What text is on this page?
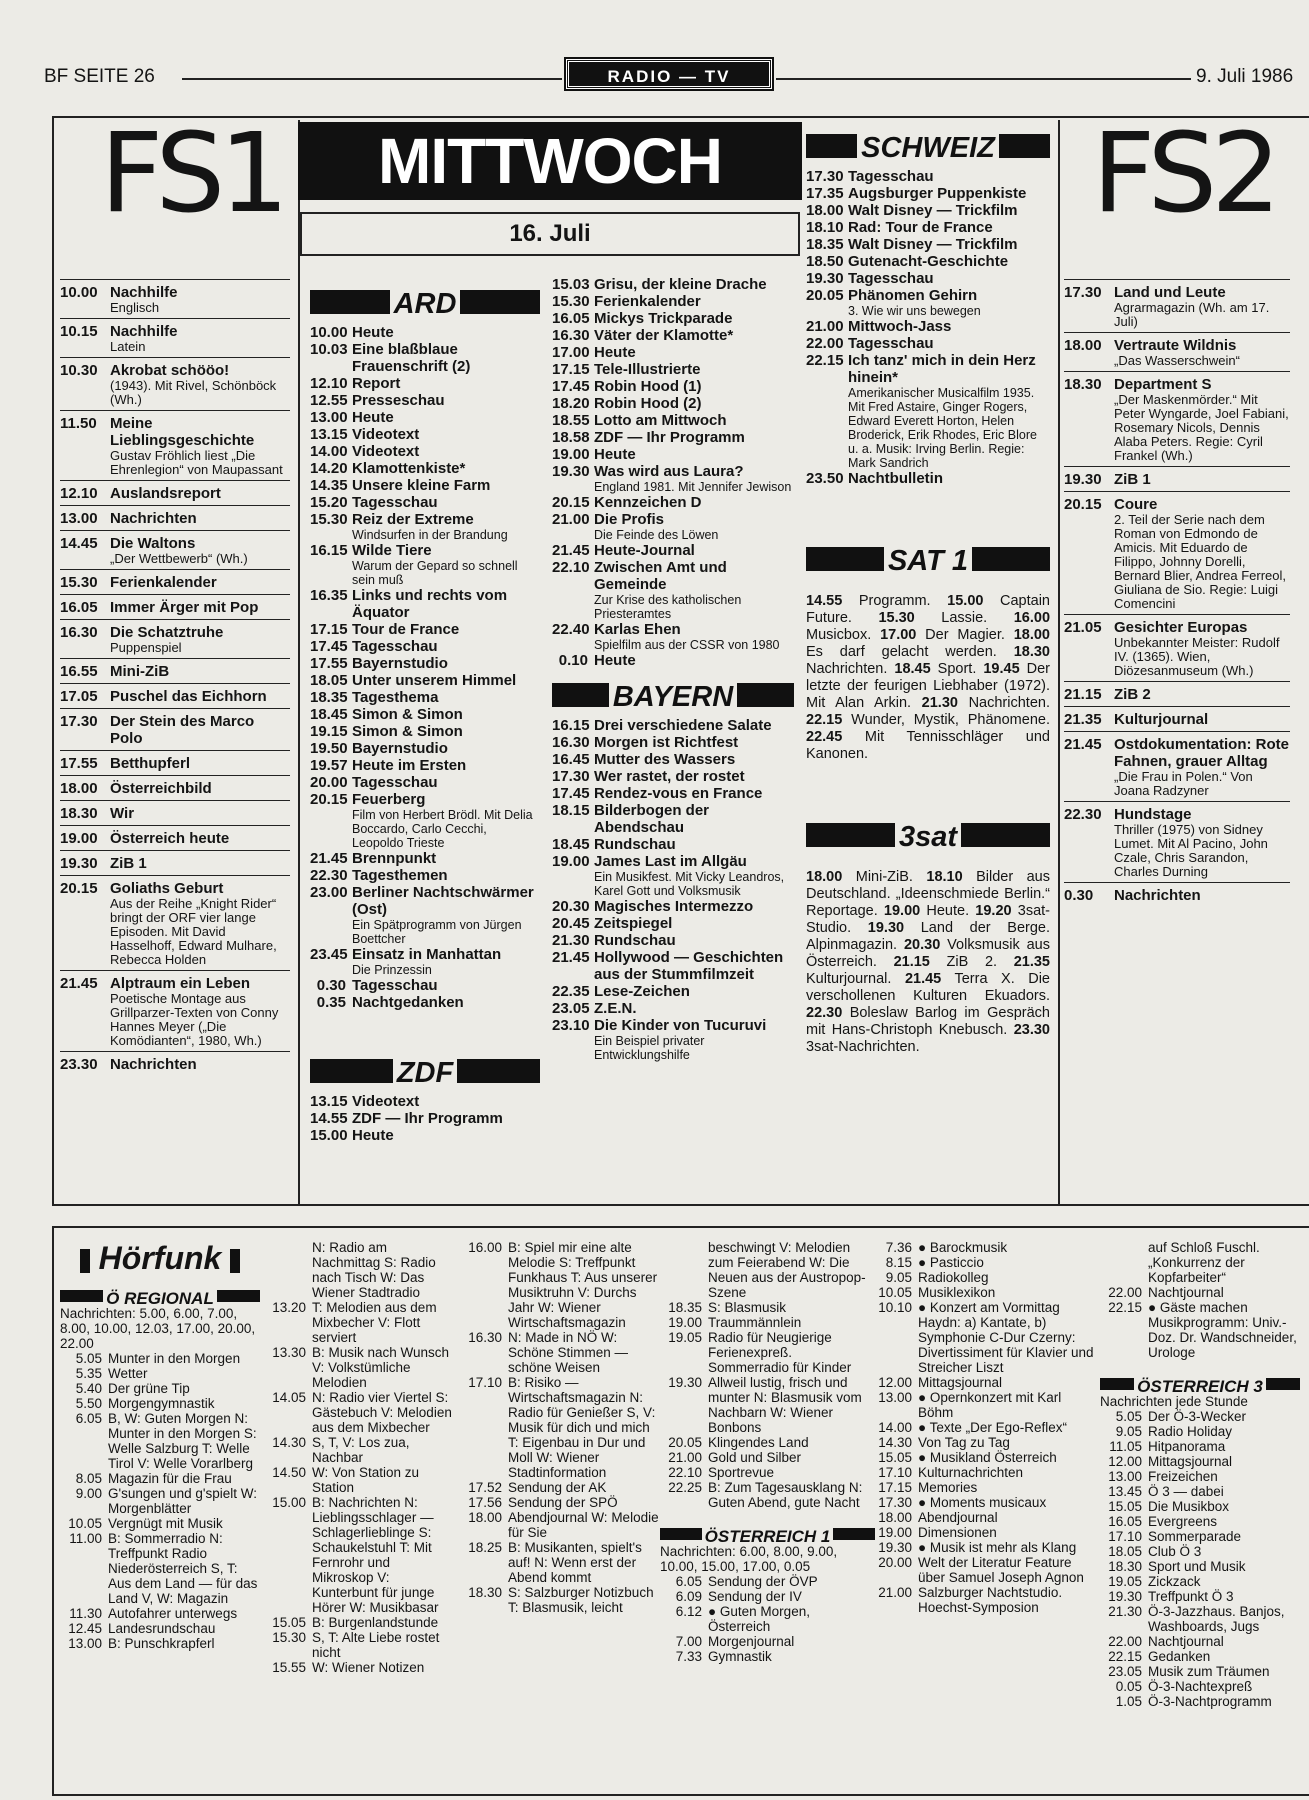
BF SEITE 26	RADIO — TV	9. Juli 1986
FS1	MITTWOCH
16. Juli
10.00 Nachhilfe
Englisch
10.15 Nachhilfe
Latein
10.30 Akrobat schööo!
(1943). Mit Rivel, Schönböck (Wh.)
11.50 Meine Lieblingsgeschichte
Gustav Fröhlich liest „Die Ehrenlegion“ von Maupassant
12.10 Auslandsreport
13.00 Nachrichten
14.45 Die Waltons
„Der Wettbewerb“ (Wh.)
15.30 Ferienkalender
16.05 Immer Ärger mit Pop
16.30 Die Schatztruhe
Puppenspiel
16.55 Mini-ZiB
17.05 Puschel das Eichhorn
17.30 Der Stein des Marco Polo
17.55 Betthupferl
18.00 Österreichbild
18.30 Wir
19.00 Österreich heute
19.30 ZiB 1
20.15 Goliaths Geburt
Aus der Reihe „Knight Rider“ bringt der ORF vier lange Episoden. Mit David Hasselhoff, Edward Mulhare, Rebecca Holden
21.45 Alptraum ein Leben
Poetische Montage aus Grillparzer-Texten von Conny Hannes Meyer („Die Komödianten“, 1980, Wh.)
23.30 Nachrichten
ARD
10.00 Heute
10.03 Eine blaßblaue Frauenschrift (2)
12.10 Report
12.55 Presseschau
13.00 Heute
13.15 Videotext
14.00 Videotext
14.20 Klamottenkiste*
14.35 Unsere kleine Farm
15.20 Tagesschau
15.30 Reiz der Extreme
Windsurfen in der Brandung
16.15 Wilde Tiere
Warum der Gepard so schnell sein muß
16.35 Links und rechts vom Äquator
17.15 Tour de France
17.45 Tagesschau
17.55 Bayernstudio
18.05 Unter unserem Himmel
18.35 Tagesthema
18.45 Simon & Simon
19.15 Simon & Simon
19.50 Bayernstudio
19.57 Heute im Ersten
20.00 Tagesschau
20.15 Feuerberg
Film von Herbert Brödl. Mit Delia Boccardo, Carlo Cecchi, Leopoldo Trieste
21.45 Brennpunkt
22.30 Tagesthemen
23.00 Berliner Nachtschwärmer (Ost)
Ein Spätprogramm von Jürgen Boettcher
23.45 Einsatz in Manhattan
Die Prinzessin
0.30 Tagesschau
0.35 Nachtgedanken
ZDF
13.15 Videotext
14.55 ZDF — Ihr Programm
15.00 Heute
15.03 Grisu, der kleine Drache
15.30 Ferienkalender
16.05 Mickys Trickparade
16.30 Väter der Klamotte*
17.00 Heute
17.15 Tele-Illustrierte
17.45 Robin Hood (1)
18.20 Robin Hood (2)
18.55 Lotto am Mittwoch
18.58 ZDF — Ihr Programm
19.00 Heute
19.30 Was wird aus Laura?
England 1981. Mit Jennifer Jewison
20.15 Kennzeichen D
21.00 Die Profis
Die Feinde des Löwen
21.45 Heute-Journal
22.10 Zwischen Amt und Gemeinde
Zur Krise des katholischen Priesteramtes
22.40 Karlas Ehen
Spielfilm aus der CSSR von 1980
0.10 Heute
BAYERN
16.15 Drei verschiedene Salate
16.30 Morgen ist Richtfest
16.45 Mutter des Wassers
17.30 Wer rastet, der rostet
17.45 Rendez-vous en France
18.15 Bilderbogen der Abendschau
18.45 Rundschau
19.00 James Last im Allgäu
Ein Musikfest. Mit Vicky Leandros, Karel Gott und Volksmusik
20.30 Magisches Intermezzo
20.45 Zeitspiegel
21.30 Rundschau
21.45 Hollywood — Geschichten aus der Stummfilmzeit
22.35 Lese-Zeichen
23.05 Z.E.N.
23.10 Die Kinder von Tucuruvi
Ein Beispiel privater Entwicklungshilfe
SCHWEIZ
17.30 Tagesschau
17.35 Augsburger Puppenkiste
18.00 Walt Disney — Trickfilm
18.10 Rad: Tour de France
18.35 Walt Disney — Trickfilm
18.50 Gutenacht-Geschichte
19.30 Tagesschau
20.05 Phänomen Gehirn
3. Wie wir uns bewegen
21.00 Mittwoch-Jass
22.00 Tagesschau
22.15 Ich tanz' mich in dein Herz hinein*
Amerikanischer Musicalfilm 1935. Mit Fred Astaire, Ginger Rogers, Edward Everett Horton, Helen Broderick, Erik Rhodes, Eric Blore u. a. Musik: Irving Berlin. Regie: Mark Sandrich
23.50 Nachtbulletin
SAT 1
14.55 Programm. 15.00 Captain Future. 15.30 Lassie. 16.00 Musicbox. 17.00 Der Magier. 18.00 Es darf gelacht werden. 18.30 Nachrichten. 18.45 Sport. 19.45 Der letzte der feurigen Liebhaber (1972). Mit Alan Arkin. 21.30 Nachrichten. 22.15 Wunder, Mystik, Phänomene. 22.45 Mit Tennisschläger und Kanonen.
3sat
18.00 Mini-ZiB. 18.10 Bilder aus Deutschland. „Ideenschmiede Berlin.“ Reportage. 19.00 Heute. 19.20 3sat-Studio. 19.30 Land der Berge. Alpinmagazin. 20.30 Volksmusik aus Österreich. 21.15 ZiB 2. 21.35 Kulturjournal. 21.45 Terra X. Die verschollenen Kulturen Ekuadors. 22.30 Boleslaw Barlog im Gespräch mit Hans-Christoph Knebusch. 23.30 3sat-Nachrichten.
FS2
17.30 Land und Leute
Agrarmagazin (Wh. am 17. Juli)
18.00 Vertraute Wildnis
„Das Wasserschwein“
18.30 Department S
„Der Maskenmörder.“ Mit Peter Wyngarde, Joel Fabiani, Rosemary Nicols, Dennis Alaba Peters. Regie: Cyril Frankel (Wh.)
19.30 ZiB 1
20.15 Coure
2. Teil der Serie nach dem Roman von Edmondo de Amicis. Mit Eduardo de Filippo, Johnny Dorelli, Bernard Blier, Andrea Ferreol, Giuliana de Sio. Regie: Luigi Comencini
21.05 Gesichter Europas
Unbekannter Meister: Rudolf IV. (1365). Wien, Diözesanmuseum (Wh.)
21.15 ZiB 2
21.35 Kulturjournal
21.45 Ostdokumentation: Rote Fahnen, grauer Alltag
„Die Frau in Polen.“ Von Joana Radzyner
22.30 Hundstage
Thriller (1975) von Sidney Lumet. Mit Al Pacino, John Czale, Chris Sarandon, Charles Durning
0.30	Nachrichten
Hörfunk
Ö REGIONAL
Nachrichten: 5.00, 6.00, 7.00, 8.00, 10.00, 12.03, 17.00, 20.00, 22.00
5.05 Munter in den Morgen
5.35 Wetter
5.40 Der grüne Tip
5.50 Morgengymnastik
6.05 B, W: Guten Morgen N: Munter in den Morgen S: Welle Salzburg T: Welle Tirol V: Welle Vorarlberg
8.05 Magazin für die Frau
9.00 G'sungen und g'spielt W: Morgenblätter
10.05 Vergnügt mit Musik
11.00 B: Sommerradio N: Treffpunkt Radio Niederösterreich S, T: Aus dem Land — für das Land V, W: Magazin
11.30 Autofahrer unterwegs
12.45 Landesrundschau
13.00 B: Punschkrapferl
N: Radio am Nachmittag S: Radio nach Tisch W: Das Wiener Stadtradio
13.20 T: Melodien aus dem Mixbecher V: Flott serviert
13.30 B: Musik nach Wunsch V: Volkstümliche Melodien
14.05 N: Radio vier Viertel S: Gästebuch V: Melodien aus dem Mixbecher
14.30 S, T, V: Los zua, Nachbar
14.50 W: Von Station zu Station
15.00 B: Nachrichten N: Lieblingsschlager — Schlagerlieblinge S: Schaukelstuhl T: Mit Fernrohr und Mikroskop V: Kunterbunt für junge Hörer W: Musikbasar
15.05 B: Burgenlandstunde
15.30 S, T: Alte Liebe rostet nicht
15.55 W: Wiener Notizen
16.00 B: Spiel mir eine alte Melodie S: Treffpunkt Funkhaus T: Aus unserer Musiktruhn V: Durchs Jahr W: Wiener Wirtschaftsmagazin
16.30 N: Made in NÖ W: Schöne Stimmen — schöne Weisen
17.10 B: Risiko — Wirtschaftsmagazin N: Radio für Genießer S, V: Musik für dich und mich T: Eigenbau in Dur und Moll W: Wiener Stadtinformation
17.52 Sendung der AK
17.56 Sendung der SPÖ
18.00 Abendjournal W: Melodie für Sie
18.25 B: Musikanten, spielt's auf! N: Wenn erst der Abend kommt
18.30 S: Salzburger Notizbuch T: Blasmusik, leicht
beschwingt V: Melodien zum Feierabend W: Die Neuen aus der Austropop-Szene
18.35 S: Blasmusik
19.00 Traummännlein
19.05 Radio für Neugierige Ferienexpreß. Sommerradio für Kinder
19.30 Allweil lustig, frisch und munter N: Blasmusik vom Nachbarn W: Wiener Bonbons
20.05 Klingendes Land
21.00 Gold und Silber
22.10 Sportrevue
22.25 B: Zum Tagesausklang N: Guten Abend, gute Nacht
ÖSTERREICH 1
Nachrichten: 6.00, 8.00, 9.00, 10.00, 15.00, 17.00, 0.05
6.05 Sendung der ÖVP
6.09 Sendung der IV
6.12 ● Guten Morgen, Österreich
7.00 Morgenjournal
7.33 Gymnastik
7.36 ● Barockmusik
8.15 ● Pasticcio
9.05 Radiokolleg
10.05 Musiklexikon
10.10 ● Konzert am Vormittag Haydn: a) Kantate, b) Symphonie C-Dur Czerny: Divertissiment für Klavier und Streicher Liszt
12.00 Mittagsjournal
13.00 ● Opernkonzert mit Karl Böhm
14.00 ● Texte „Der Ego-Reflex“
14.30 Von Tag zu Tag
15.05 ● Musikland Österreich
17.10 Kulturnachrichten
17.15 Memories
17.30 ● Moments musicaux
18.00 Abendjournal
19.00 Dimensionen
19.30 ● Musik ist mehr als Klang
20.00 Welt der Literatur Feature über Samuel Joseph Agnon
21.00 Salzburger Nachtstudio. Hoechst-Symposion
auf Schloß Fuschl. „Konkurrenz der Kopfarbeiter“
22.00 Nachtjournal
22.15 ● Gäste machen Musikprogramm: Univ.-Doz. Dr. Wandschneider, Urologe
ÖSTERREICH 3
Nachrichten jede Stunde
5.05 Der Ö-3-Wecker
9.05 Radio Holiday
11.05 Hitpanorama
12.00 Mittagsjournal
13.00 Freizeichen
13.45 Ö 3 — dabei
15.05 Die Musikbox
16.05 Evergreens
17.10 Sommerparade
18.05 Club Ö 3
18.30 Sport und Musik
19.05 Zickzack
19.30 Treffpunkt Ö 3
21.30 Ö-3-Jazzhaus. Banjos, Washboards, Jugs
22.00 Nachtjournal
22.15 Gedanken
23.05 Musik zum Träumen
0.05 Ö-3-Nachtexpreß
1.05 Ö-3-Nachtprogramm
